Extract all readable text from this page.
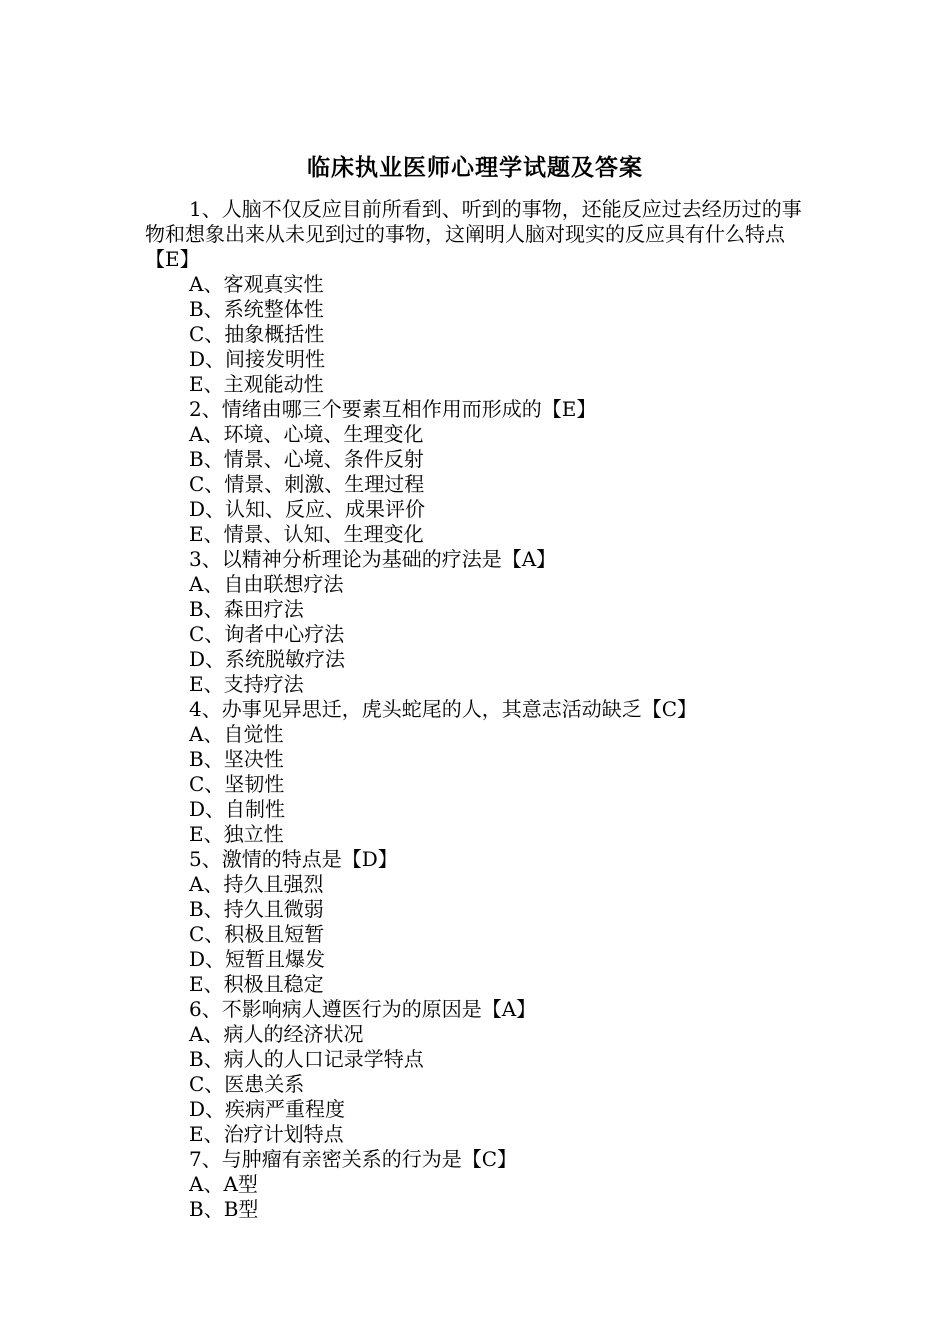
临床执业医师心理学试题及答案

1、人脑不仅反应目前所看到、听到的事物，还能反应过去经历过的事物和想象出来从未见到过的事物，这阐明人脑对现实的反应具有什么特点【E】

A、客观真实性

B、系统整体性

C、抽象概括性

D、间接发明性

E、主观能动性

2、情绪由哪三个要素互相作用而形成的【E】

A、环境、心境、生理变化

B、情景、心境、条件反射

C、情景、刺激、生理过程

D、认知、反应、成果评价

E、情景、认知、生理变化

3、以精神分析理论为基础的疗法是【A】

A、自由联想疗法

B、森田疗法

C、询者中心疗法

D、系统脱敏疗法

E、支持疗法

4、办事见异思迁，虎头蛇尾的人，其意志活动缺乏【C】

A、自觉性

B、坚决性

C、坚韧性

D、自制性

E、独立性

5、激情的特点是【D】

A、持久且强烈

B、持久且微弱

C、积极且短暂

D、短暂且爆发

E、积极且稳定

6、不影响病人遵医行为的原因是【A】

A、病人的经济状况

B、病人的人口记录学特点

C、医患关系

D、疾病严重程度

E、治疗计划特点

7、与肿瘤有亲密关系的行为是【C】

A、A型

B、B型
